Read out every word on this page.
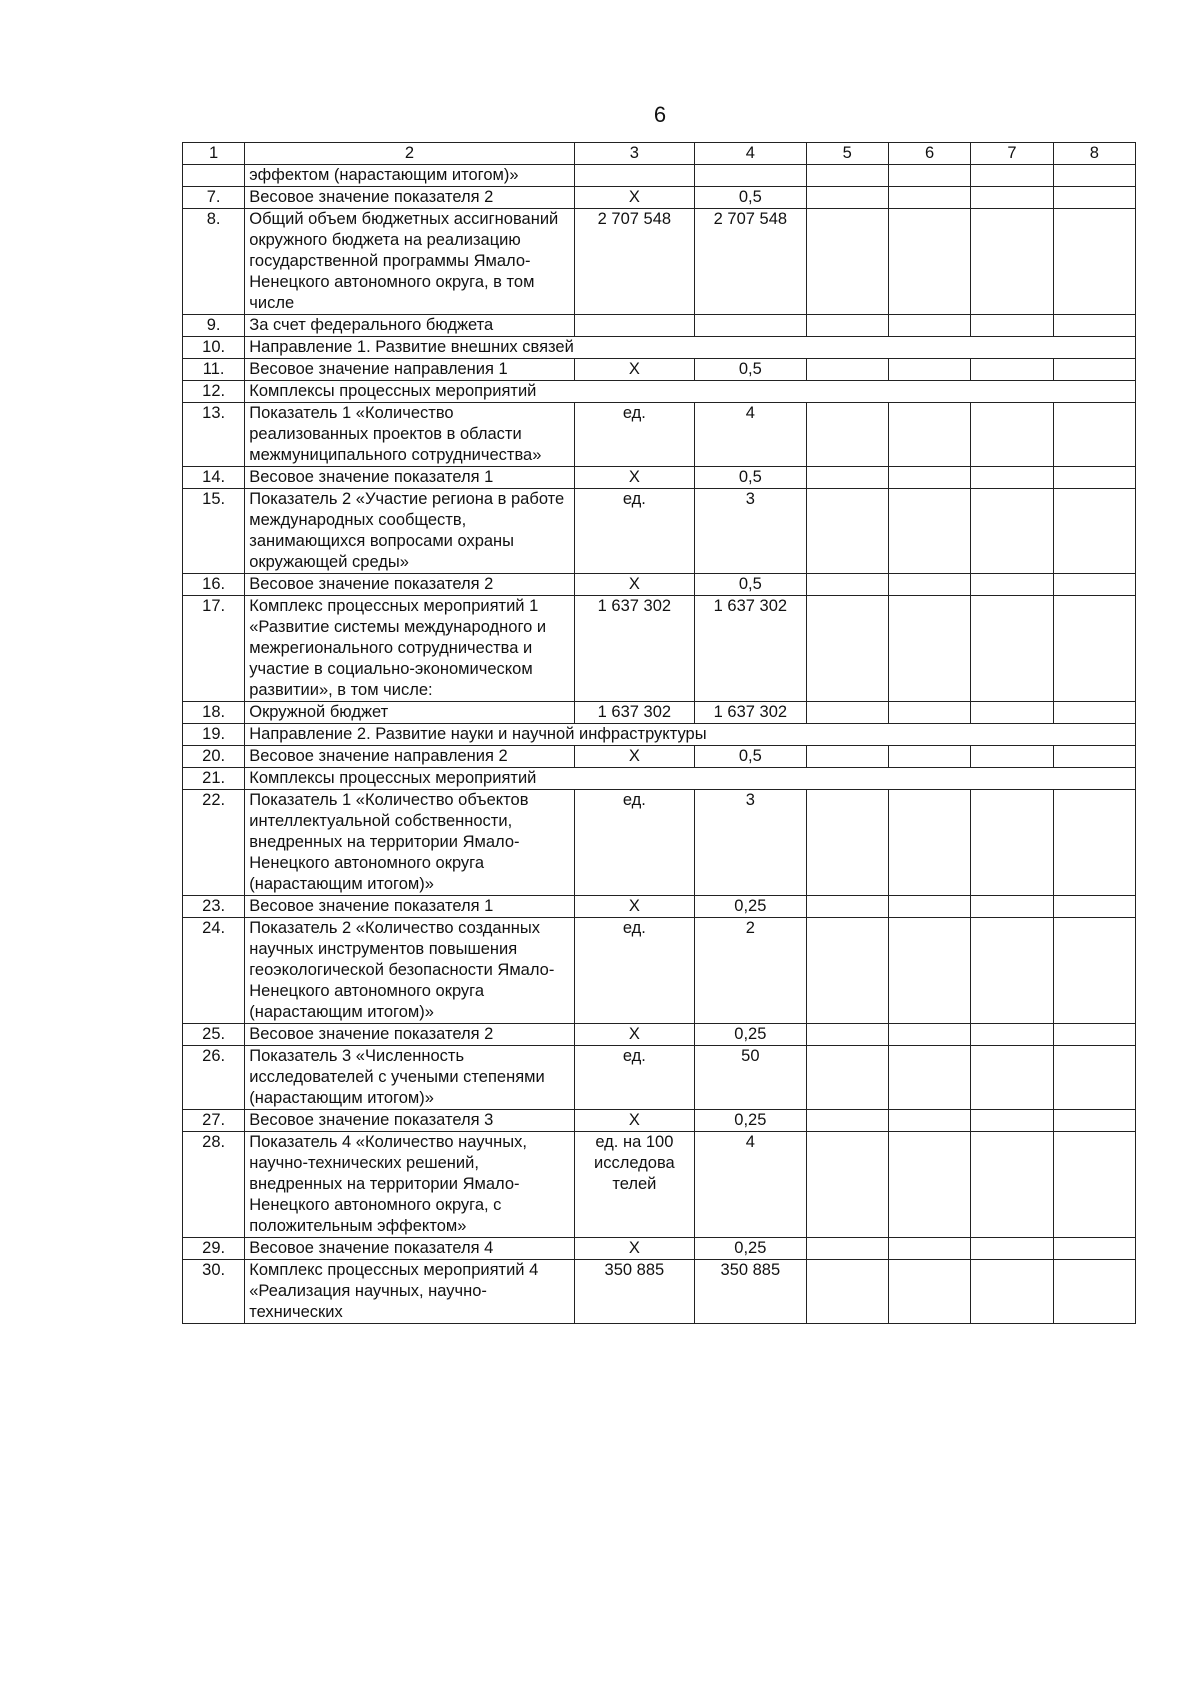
6
1	2	3	4	5	6	7	8
	эффектом (нарастающим итогом)»						
7.	Весовое значение показателя 2	X	0,5				
8.	Общий объем бюджетных ассигнований окружного бюджета на реализацию государственной программы Ямало-Ненецкого автономного округа, в том числе	2 707 548	2 707 548				
9.	За счет федерального бюджета						
10.	Направление 1. Развитие внешних связей						
11.	Весовое значение направления 1	X	0,5				
12.	Комплексы процессных мероприятий						
13.	Показатель 1 «Количество реализованных проектов в области межмуниципального сотрудничества»	ед.	4				
14.	Весовое значение показателя 1	X	0,5				
15.	Показатель 2 «Участие региона в работе международных сообществ, занимающихся вопросами охраны окружающей среды»	ед.	3				
16.	Весовое значение показателя 2	X	0,5				
17.	Комплекс процессных мероприятий 1 «Развитие системы международного и межрегионального сотрудничества и участие в социально-экономическом развитии», в том числе:	1 637 302	1 637 302				
18.	Окружной бюджет	1 637 302	1 637 302				
19.	Направление 2. Развитие науки и научной инфраструктуры						
20.	Весовое значение направления 2	X	0,5				
21.	Комплексы процессных мероприятий						
22.	Показатель 1 «Количество объектов интеллектуальной собственности, внедренных на территории Ямало-Ненецкого автономного округа (нарастающим итогом)»	ед.	3				
23.	Весовое значение показателя 1	X	0,25				
24.	Показатель 2 «Количество созданных научных инструментов повышения геоэкологической безопасности Ямало-Ненецкого автономного округа (нарастающим итогом)»	ед.	2				
25.	Весовое значение показателя 2	X	0,25				
26.	Показатель 3 «Численность исследователей с учеными степенями (нарастающим итогом)»	ед.	50				
27.	Весовое значение показателя 3	X	0,25				
28.	Показатель 4 «Количество научных, научно-технических решений, внедренных на территории Ямало-Ненецкого автономного округа, с положительным эффектом»	ед. на 100 исследова телей	4				
29.	Весовое значение показателя 4	X	0,25				
30.	Комплекс процессных мероприятий 4 «Реализация научных, научно-технических	350 885	350 885				
